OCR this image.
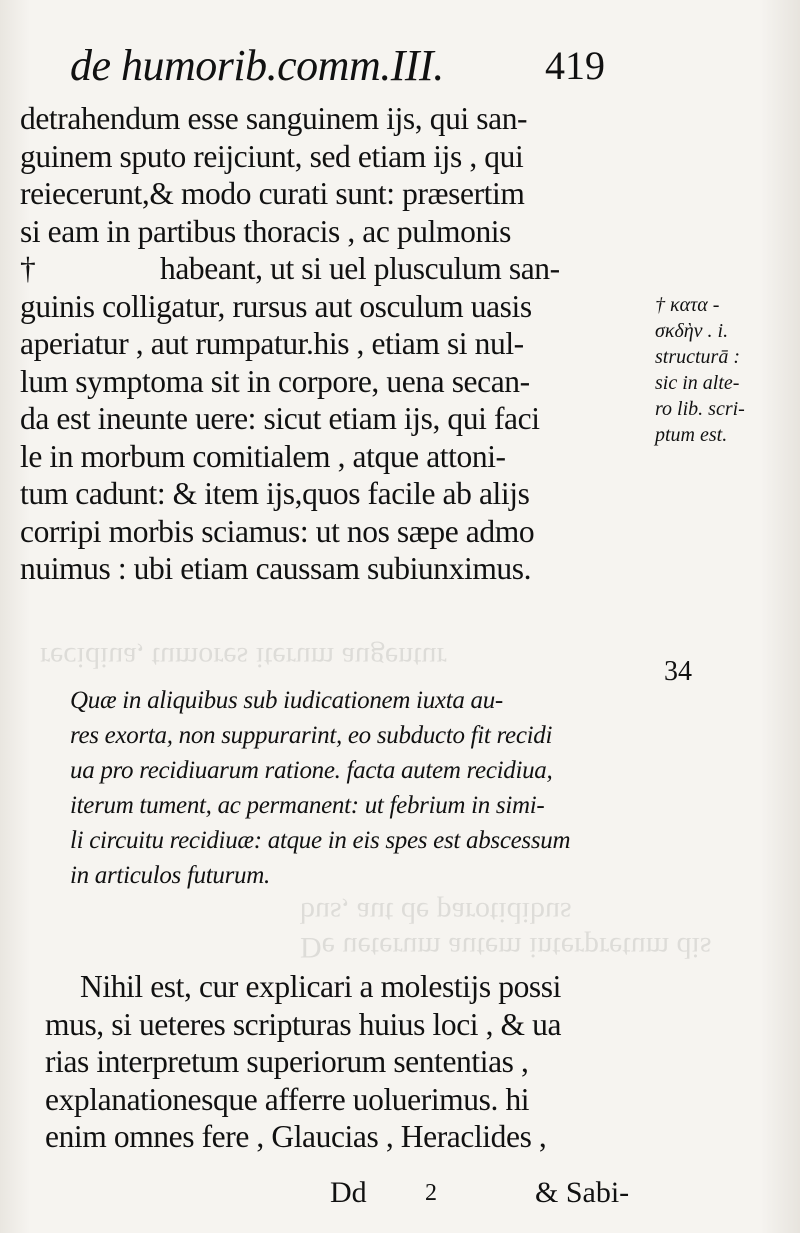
recidiua, tumores iterum augentur
bus, aut de parotidibus
De ueterum autem interpretum dis
de humorib.comm.III.	419
detrahendum esse sanguinem ijs, qui san-
guinem sputo reijciunt, sed etiam ijs , qui
reiecerunt,& modo curati sunt: præsertim
si eam in partibus thoracis , ac pulmonis
†	habeant, ut si uel plusculum san-
guinis colligatur, rursus aut osculum uasis
aperiatur , aut rumpatur.his , etiam si nul-
lum symptoma sit in corpore, uena secan-
da est ineunte uere: sicut etiam ijs, qui faci
le in morbum comitialem , atque attoni-
tum cadunt: & item ijs,quos facile ab alijs
corripi morbis sciamus: ut nos sæpe admo
nuimus : ubi etiam caussam subiunximus.
† κατα -
σκδὴν . i.
structurā :
sic in alte-
ro lib. scri-
ptum est.
34
Quæ in aliquibus sub iudicationem iuxta au-
res exorta, non suppurarint, eo subducto fit recidi
ua pro recidiuarum ratione. facta autem recidiua,
iterum tument, ac permanent: ut febrium in simi-
li circuitu recidiuæ: atque in eis spes est abscessum
in articulos futurum.
Nihil est, cur explicari a molestijs possi
mus, si ueteres scripturas huius loci , & ua
rias interpretum superiorum sententias ,
explanationesque afferre uoluerimus. hi
enim omnes fere , Glaucias , Heraclides ,
Dd 2	& Sabi-
